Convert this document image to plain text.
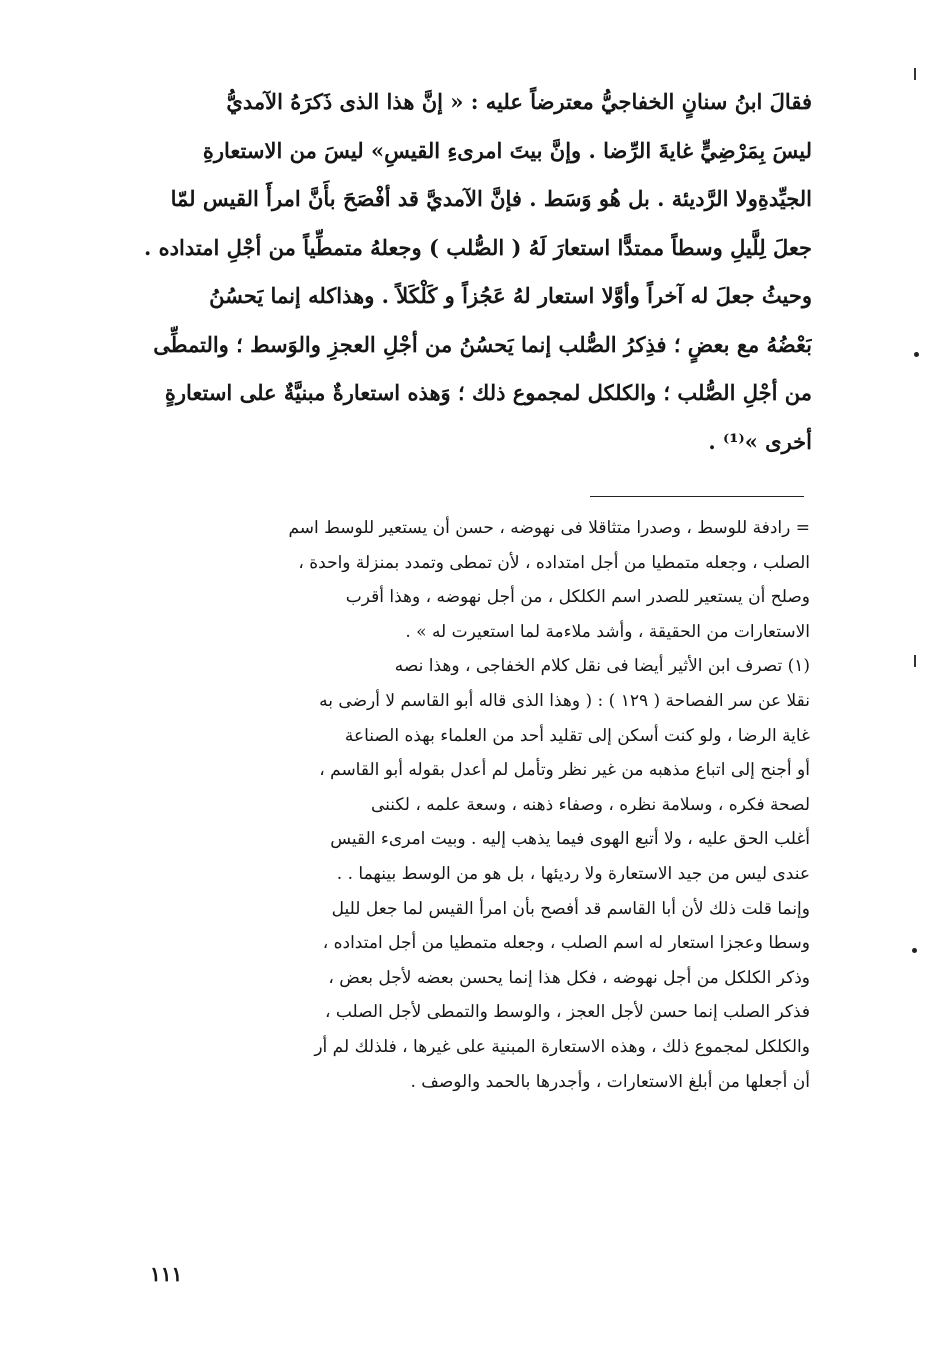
فقالَ ابنُ سنانٍ الخفاجيُّ معترضاً عليه : « إنَّ هذا الذى ذَكرَهُ الآمديُّ
ليسَ بِمَرْضِيٍّ غايةَ الرِّضا . وإنَّ بيتَ امرىءِ القيسِ» ليسَ من الاستعارةِ
الجيِّدةِولا الرَّديئة . بل هُو وَسَط . فإنَّ الآمديَّ قد أفْصَحَ بأَنَّ امرأَ القيس لمّا
جعلَ لِلَّيلِ وسطاً ممتدًّا استعارَ لَهُ ( الصُّلب ) وجعلهُ متمطِّياً من أجْلِ امتداده .
وحيثُ جعلَ له آخراً وأوَّلا استعار لهُ عَجُزاً و كَلْكَلاً . وهذاكله إنما يَحسُنُ
بَعْضُهُ مع بعضٍ ؛ فذِكرُ الصُّلب إنما يَحسُنُ من أجْلِ العجزِ والوَسط ؛ والتمطِّى
من أجْلِ الصُّلب ؛ والكلكل لمجموع ذلك ؛ وَهذه استعارةٌ مبنيَّةٌ على استعارةٍ
أخرى »⁽¹⁾ .
= رادفة للوسط ، وصدرا متثاقلا فى نهوضه ، حسن أن يستعير للوسط اسم
الصلب ، وجعله متمطيا من أجل امتداده ، لأن تمطى وتمدد بمنزلة واحدة ،
وصلح أن يستعير للصدر اسم الكلكل ، من أجل نهوضه ، وهذا أقرب
الاستعارات من الحقيقة ، وأشد ملاءمة لما استعيرت له » .
(١) تصرف ابن الأثير أيضا فى نقل كلام الخفاجى ، وهذا نصه
نقلا عن سر الفصاحة ( ١٢٩ ) : ( وهذا الذى قاله أبو القاسم لا أرضى به
غاية الرضا ، ولو كنت أسكن إلى تقليد أحد من العلماء بهذه الصناعة
أو أجنح إلى اتباع مذهبه من غير نظر وتأمل لم أعدل بقوله أبو القاسم ،
لصحة فكره ، وسلامة نظره ، وصفاء ذهنه ، وسعة علمه ، لكننى
أغلب الحق عليه ، ولا أتبع الهوى فيما يذهب إليه . وبيت امرىء القيس
عندى ليس من جيد الاستعارة ولا رديئها ، بل هو من الوسط بينهما . .
وإنما قلت ذلك لأن أبا القاسم قد أفصح بأن امرأ القيس لما جعل لليل
وسطا وعجزا استعار له اسم الصلب ، وجعله متمطيا من أجل امتداده ،
وذكر الكلكل من أجل نهوضه ، فكل هذا إنما يحسن بعضه لأجل بعض ،
فذكر الصلب إنما حسن لأجل العجز ، والوسط والتمطى لأجل الصلب ،
والكلكل لمجموع ذلك ، وهذه الاستعارة المبنية على غيرها ، فلذلك لم أر
أن أجعلها من أبلغ الاستعارات ، وأجدرها بالحمد والوصف .
١١١
